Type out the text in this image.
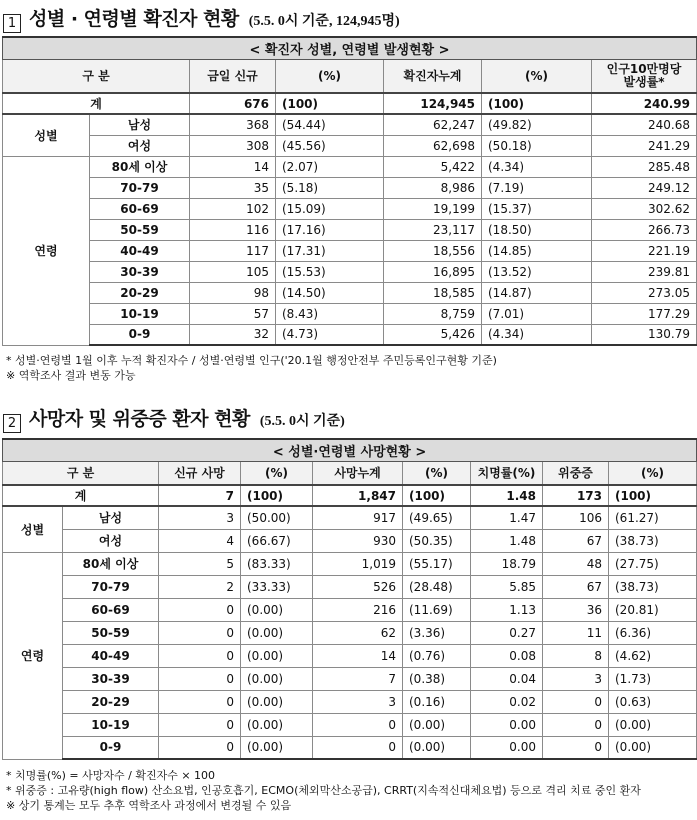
1 성별 · 연령별 확진자 현황 (5.5. 0시 기준, 124,945명)
< 확진자 성별, 연령별 발생현황 >						
구 분		금일 신규	(%)	확진자누계	(%)	인구10만명당
발생률*

계		676	(100)	124,945	(100)	240.99
성별	남성	368	(54.44)	62,247	(49.82)	240.68
	여성	308	(45.56)	62,698	(50.18)	241.29
연령	80세 이상	14	(2.07)	5,422	(4.34)	285.48
	70-79	35	(5.18)	8,986	(7.19)	249.12
	60-69	102	(15.09)	19,199	(15.37)	302.62
	50-59	116	(17.16)	23,117	(18.50)	266.73
	40-49	117	(17.31)	18,556	(14.85)	221.19
	30-39	105	(15.53)	16,895	(13.52)	239.81
	20-29	98	(14.50)	18,585	(14.87)	273.05
	10-19	57	(8.43)	8,759	(7.01)	177.29
	0-9	32	(4.73)	5,426	(4.34)	130.79
* 성별·연령별 1월 이후 누적 확진자수 / 성별·연령별 인구('20.1월 행정안전부 주민등록인구현황 기준)
※ 역학조사 결과 변동 가능
2 사망자 및 위중증 환자 현황 (5.5. 0시 기준)
< 성별·연령별 사망현황 >								
구 분		신규 사망	(%)	사망누계	(%)	치명률(%)	위중증	(%)
계		7	(100)	1,847	(100)	1.48	173	(100)
성별	남성	3	(50.00)	917	(49.65)	1.47	106	(61.27)
	여성	4	(66.67)	930	(50.35)	1.48	67	(38.73)
연령	80세 이상	5	(83.33)	1,019	(55.17)	18.79	48	(27.75)
	70-79	2	(33.33)	526	(28.48)	5.85	67	(38.73)
	60-69	0	(0.00)	216	(11.69)	1.13	36	(20.81)
	50-59	0	(0.00)	62	(3.36)	0.27	11	(6.36)
	40-49	0	(0.00)	14	(0.76)	0.08	8	(4.62)
	30-39	0	(0.00)	7	(0.38)	0.04	3	(1.73)
	20-29	0	(0.00)	3	(0.16)	0.02	0	(0.63)
	10-19	0	(0.00)	0	(0.00)	0.00	0	(0.00)
	0-9	0	(0.00)	0	(0.00)	0.00	0	(0.00)
* 치명률(%) = 사망자수 / 확진자수 × 100
* 위중증 : 고유량(high flow) 산소요법, 인공호흡기, ECMO(체외막산소공급), CRRT(지속적신대체요법) 등으로 격리 치료 중인 환자
※ 상기 통계는 모두 추후 역학조사 과정에서 변경될 수 있음
